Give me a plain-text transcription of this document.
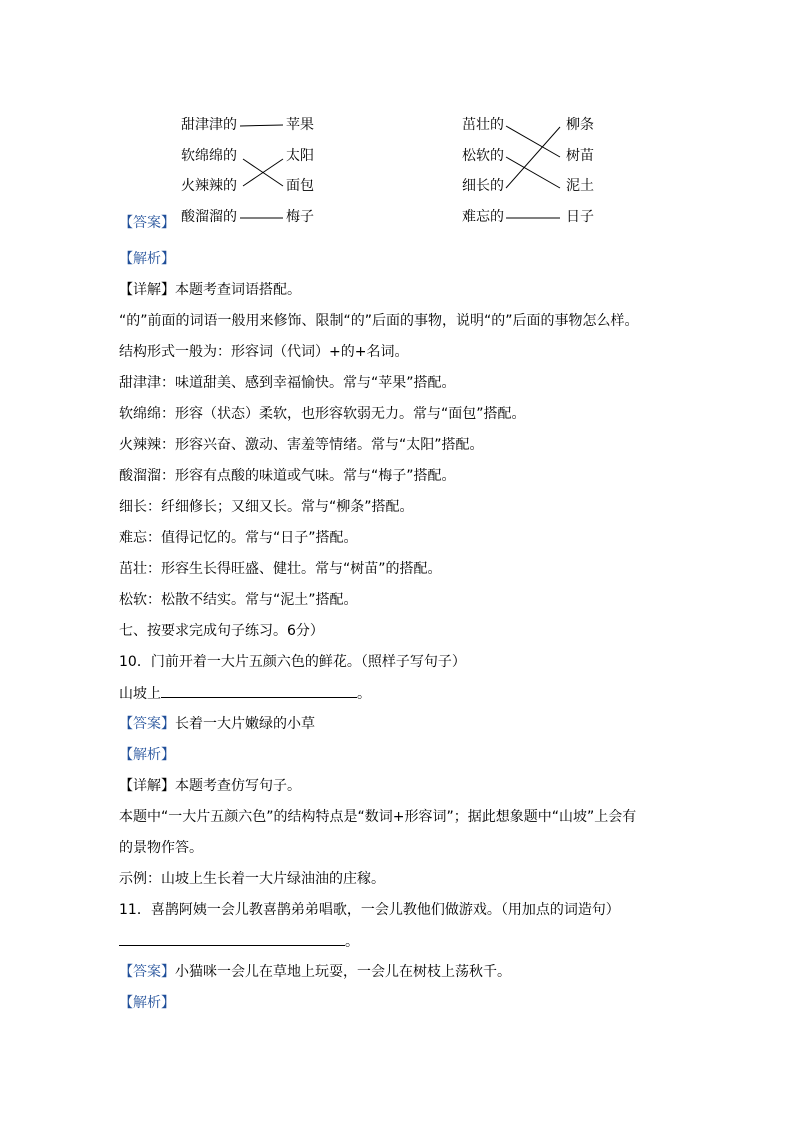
甜津津的
软绵绵的
火辣辣的
酸溜溜的
苹果
太阳
面包
梅子
茁壮的
松软的
细长的
难忘的
柳条
树苗
泥土
日子
【答案】
【解析】
【详解】本题考查词语搭配。
“的”前面的词语一般用来修饰、限制“的”后面的事物，说明“的”后面的事物怎么样。
结构形式一般为：形容词（代词）+的+名词。
甜津津：味道甜美、感到幸福愉快。常与“苹果”搭配。
软绵绵：形容（状态）柔软，也形容软弱无力。常与“面包”搭配。
火辣辣：形容兴奋、激动、害羞等情绪。常与“太阳”搭配。
酸溜溜：形容有点酸的味道或气味。常与“梅子”搭配。
细长：纤细修长；又细又长。常与“柳条”搭配。
难忘：值得记忆的。常与“日子”搭配。
茁壮：形容生长得旺盛、健壮。常与“树苗”的搭配。
松软：松散不结实。常与“泥土”搭配。
七、按要求完成句子练习。6分）
10．门前开着一大片五颜六色的鲜花。（照样子写句子）
山坡上	。
【答案】长着一大片嫩绿的小草
【解析】
【详解】本题考查仿写句子。
本题中“一大片五颜六色”的结构特点是“数词+形容词”；据此想象题中“山坡”上会有
的景物作答。
示例：山坡上生长着一大片绿油油的庄稼。
11．喜鹊阿姨一会儿教喜鹊弟弟唱歌，一会儿教他们做游戏。（用加点的词造句）
。
【答案】小猫咪一会儿在草地上玩耍，一会儿在树枝上荡秋千。
【解析】
